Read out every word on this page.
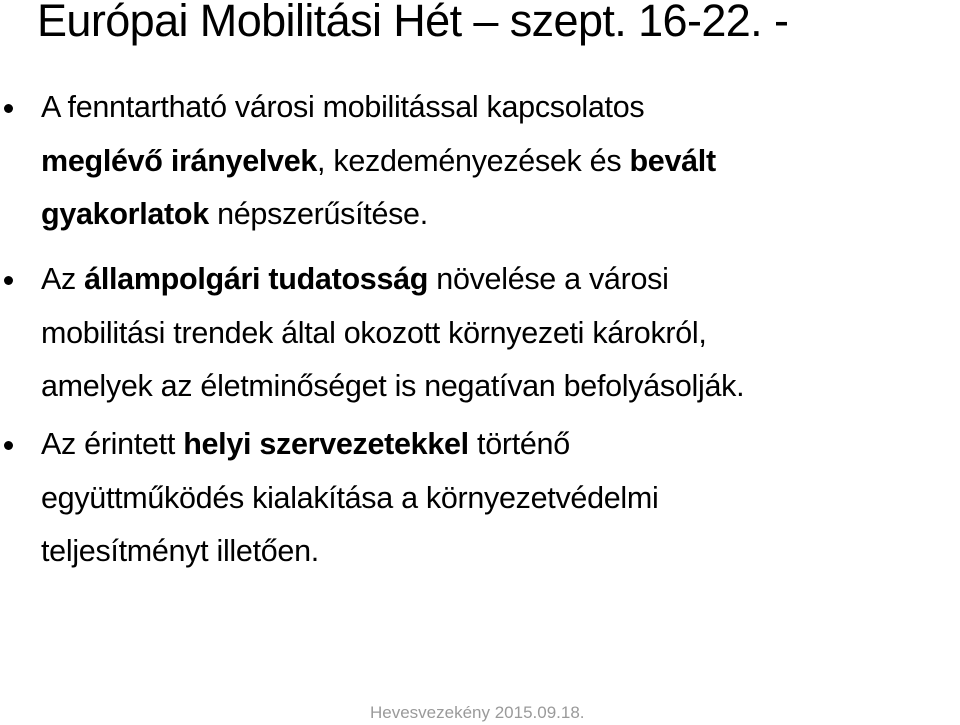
Európai Mobilitási Hét – szept. 16-22. -

A fenntartható városi mobilitással kapcsolatos
meglévő irányelvek, kezdeményezések és bevált
gyakorlatok népszerűsítése.

Az állampolgári tudatosság növelése a városi
mobilitási trendek által okozott környezeti károkról,
amelyek az életminőséget is negatívan befolyásolják.

Az érintett helyi szervezetekkel történő
együttműködés kialakítása a környezetvédelmi
teljesítményt illetően.

Hevesvezekény 2015.09.18.
